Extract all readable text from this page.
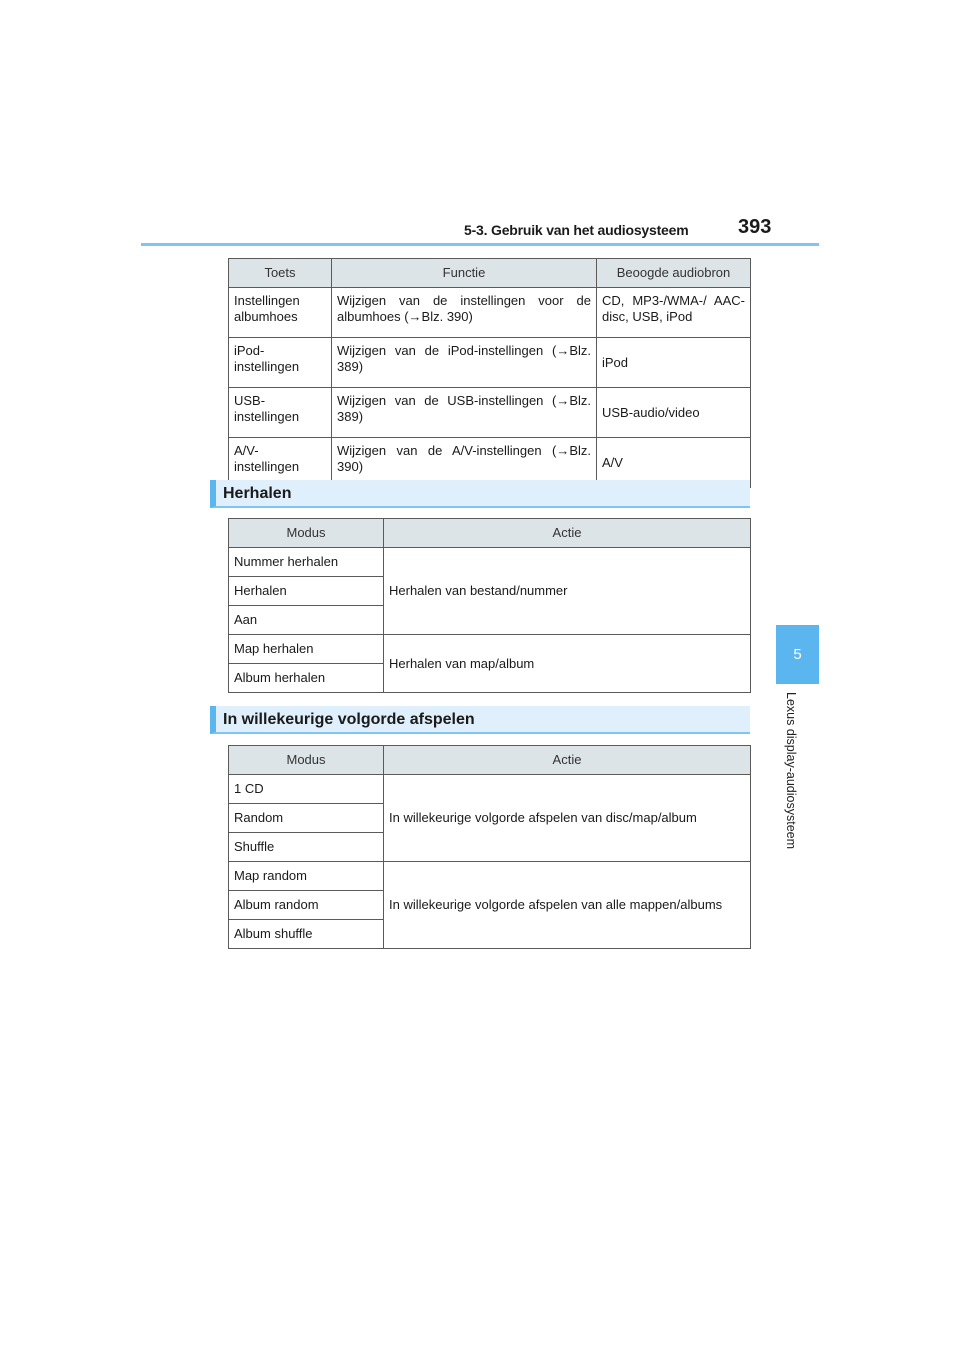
5-3. Gebruik van het audiosysteem 393
5
Lexus display-audiosysteem
Toets	Functie	Beoogde audiobron
Instellingen albumhoes	Wijzigen van de instellingen voor de albumhoes (→Blz. 390)	CD, MP3-/WMA-/ AAC-disc, USB, iPod
iPod- instellingen	Wijzigen van de iPod-instellingen (→Blz. 389)	iPod
USB- instellingen	Wijzigen van de USB-instellingen (→Blz. 389)	USB-audio/video
A/V- instellingen	Wijzigen van de A/V-instellingen (→Blz. 390)	A/V
Herhalen
Modus	Actie
Nummer herhalen	Herhalen van bestand/nummer
Herhalen	
Aan	
Map herhalen	Herhalen van map/album
Album herhalen	
In willekeurige volgorde afspelen
Modus	Actie
1 CD	In willekeurige volgorde afspelen van disc/map/album
Random	
Shuffle	
Map random	In willekeurige volgorde afspelen van alle mappen/albums
Album random	
Album shuffle	
